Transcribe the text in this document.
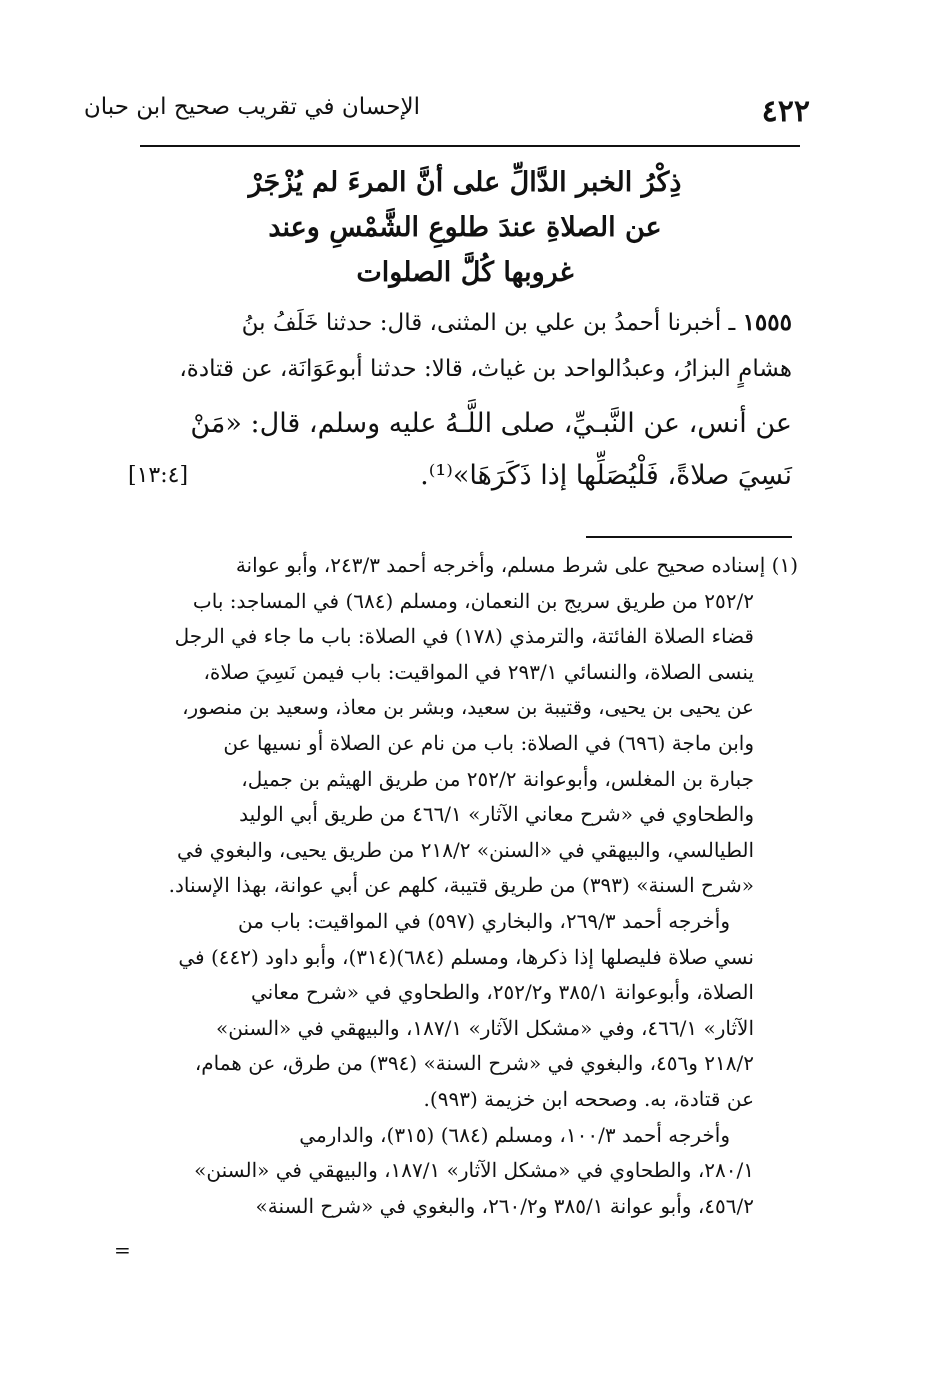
٤٢٢
الإحسان في تقريب صحيح ابن حبان
ذِكْرُ الخبر الدَّالِّ على أنَّ المرءَ لم يُزْجَرْ
عن الصلاةِ عندَ طلوعِ الشَّمْسِ وعند
غروبها كُلَّ الصلوات
١٥٥٥ ـ أخبرنا أحمدُ بن علي بن المثنى، قال: حدثنا خَلَفُ بنُ
هشامٍ البزارُ، وعبدُالواحد بن غياث، قالا: حدثنا أبوعَوَانَة، عن قتادة،
عن أنس، عن النَّبـيِّ، صلى اللَّـهُ عليه وسلم، قال: «مَنْ
نَسِيَ صلاةً، فَلْيُصَلِّها إذا ذَكَرَهَا»⁽¹⁾.
[١٣:٤]
(١) إسناده صحيح على شرط مسلم، وأخرجه أحمد ٢٤٣/٣، وأبو عوانة
٢٥٢/٢ من طريق سريج بن النعمان، ومسلم (٦٨٤) في المساجد: باب
قضاء الصلاة الفائتة، والترمذي (١٧٨) في الصلاة: باب ما جاء في الرجل
ينسى الصلاة، والنسائي ٢٩٣/١ في المواقيت: باب فيمن نَسِيَ صلاة،
عن يحيى بن يحيى، وقتيبة بن سعيد، وبشر بن معاذ، وسعيد بن منصور،
وابن ماجة (٦٩٦) في الصلاة: باب من نام عن الصلاة أو نسيها عن
جبارة بن المغلس، وأبوعوانة ٢٥٢/٢ من طريق الهيثم بن جميل،
والطحاوي في «شرح معاني الآثار» ٤٦٦/١ من طريق أبي الوليد
الطيالسي، والبيهقي في «السنن» ٢١٨/٢ من طريق يحيى، والبغوي في
«شرح السنة» (٣٩٣) من طريق قتيبة، كلهم عن أبي عوانة، بهذا الإسناد.
وأخرجه أحمد ٢٦٩/٣، والبخاري (٥٩٧) في المواقيت: باب من
نسي صلاة فليصلها إذا ذكرها، ومسلم (٦٨٤)(٣١٤)، وأبو داود (٤٤٢) في
الصلاة، وأبوعوانة ٣٨٥/١ و٢٥٢/٢، والطحاوي في «شرح معاني
الآثار» ٤٦٦/١، وفي «مشكل الآثار» ١٨٧/١، والبيهقي في «السنن»
٢١٨/٢ و٤٥٦، والبغوي في «شرح السنة» (٣٩٤) من طرق، عن همام،
عن قتادة، به. وصححه ابن خزيمة (٩٩٣).
وأخرجه أحمد ١٠٠/٣، ومسلم (٦٨٤) (٣١٥)، والدارمي
٢٨٠/١، والطحاوي في «مشكل الآثار» ١٨٧/١، والبيهقي في «السنن»
٤٥٦/٢، وأبو عوانة ٣٨٥/١ و٢٦٠/٢، والبغوي في «شرح السنة»
=
